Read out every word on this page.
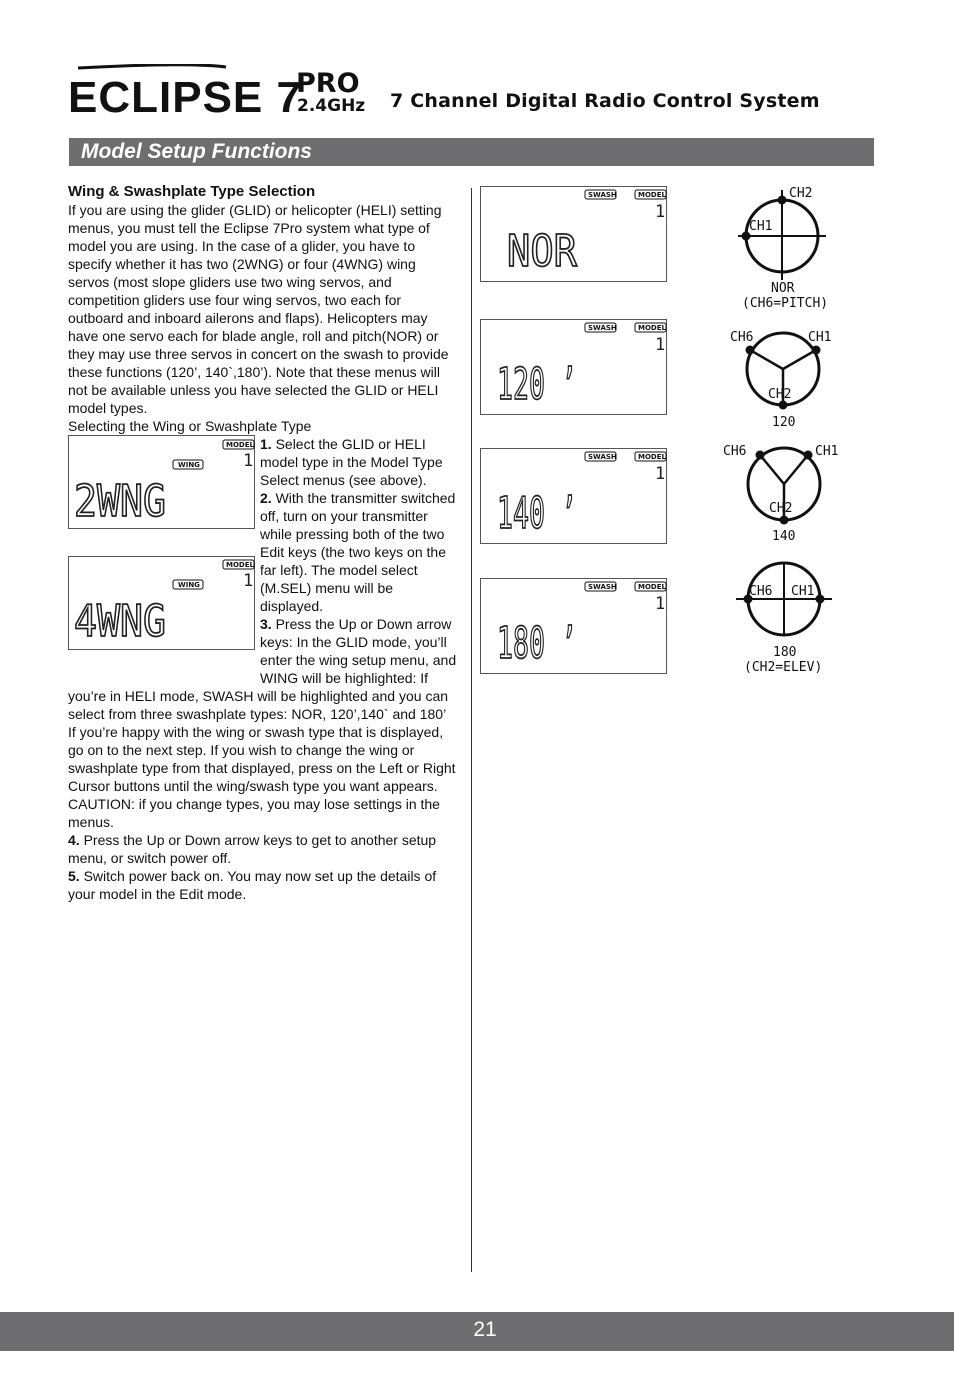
ECLIPSE 7
PRO
2.4GHz 7 Channel Digital Radio Control System
Model Setup Functions

Wing & Swashplate Type Selection

If you are using the glider (GLID) or helicopter (HELI) setting menus, you must tell the Eclipse 7Pro system what type of model you are using. In the case of a glider, you have to specify whether it has two (2WNG) or four (4WNG) wing servos (most slope gliders use two wing servos, and competition gliders use four wing servos, two each for outboard and inboard ailerons and flaps). Helicopters may have one servo each for blade angle, roll and pitch(NOR) or they may use three servos in concert on the swash to provide these functions (120’, 140`,180’). Note that these menus will not be available unless you have selected the GLID or HELI model types.

Selecting the Wing or Swashplate Type

MODEL
WING	1
2WNG
MODEL
WING	1
4WNG

1. Select the GLID or HELI model type in the Model Type Select menus (see above).

2. With the transmitter switched off, turn on your transmitter while pressing both of the two Edit keys (the two keys on the far left). The model select (M.SEL) menu will be displayed.

3. Press the Up or Down arrow keys: In the GLID mode, you’ll enter the wing setup menu, and WING will be highlighted: If you’re in HELI mode, SWASH will be highlighted and you can select from three swashplate types: NOR, 120’,140` and 180’

If you’re happy with the wing or swash type that is displayed, go on to the next step. If you wish to change the wing or swashplate type from that displayed, press on the Left or Right Cursor buttons until the wing/swash type you want appears. CAUTION: if you change types, you may lose settings in the menus.

4. Press the Up or Down arrow keys to get to another setup menu, or switch power off.

5. Switch power back on. You may now set up the details of your model in the Edit mode.

SWASH	MODEL
1
NOR
SWASH	MODEL
1
120 ’
SWASH	MODEL
1
140 ’
SWASH	MODEL
1
180 ’
CH2
CH1
NOR
(CH6=PITCH)
CH6	CH1
CH2
120
CH6	CH1
CH2
140
CH6 CH1
180
(CH2=ELEV)
21
